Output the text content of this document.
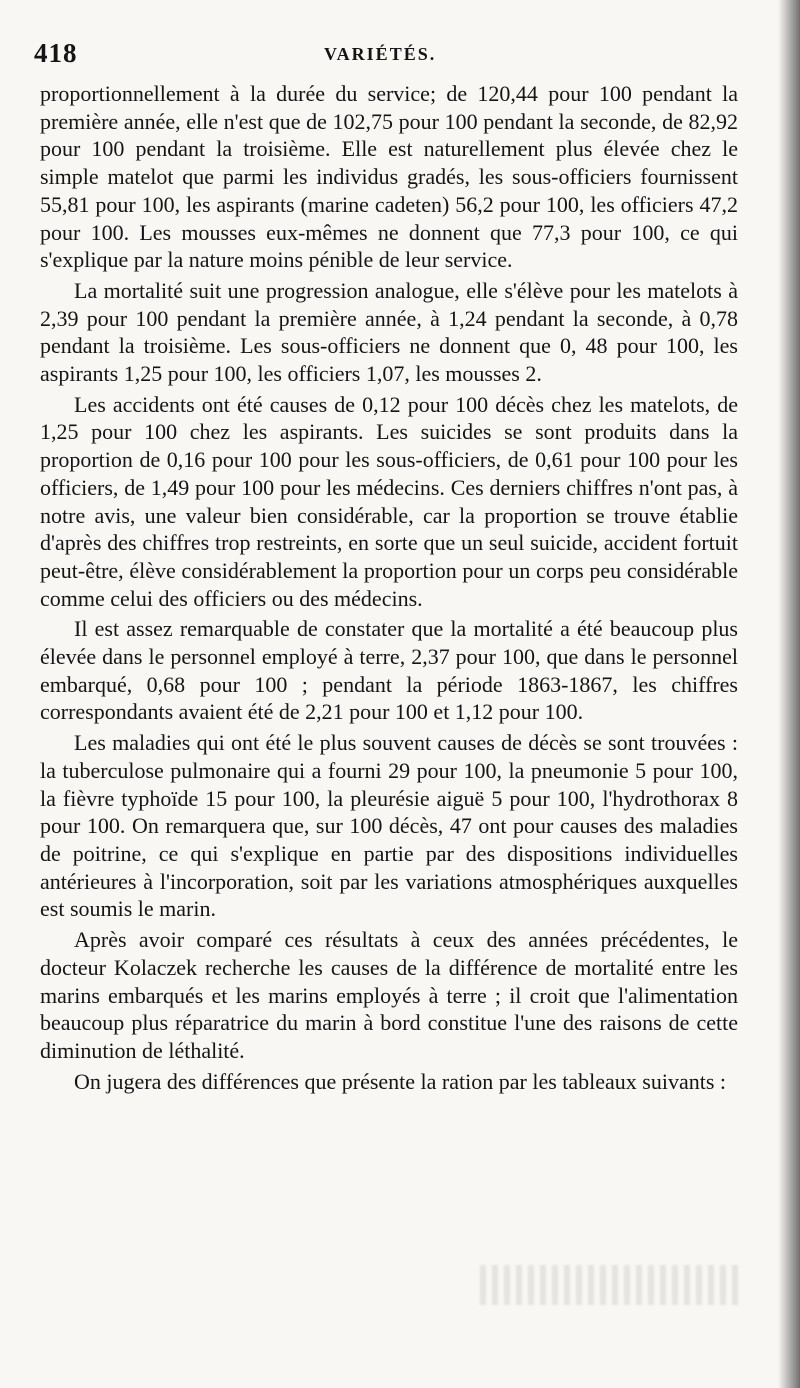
418	VARIÉTÉS.

proportionnellement à la durée du service; de 120,44 pour 100 pendant la première année, elle n'est que de 102,75 pour 100 pendant la seconde, de 82,92 pour 100 pendant la troisième. Elle est naturellement plus élevée chez le simple matelot que parmi les individus gradés, les sous-officiers fournissent 55,81 pour 100, les aspirants (marine cadeten) 56,2 pour 100, les officiers 47,2 pour 100. Les mousses eux-mêmes ne donnent que 77,3 pour 100, ce qui s'explique par la nature moins pénible de leur service.

La mortalité suit une progression analogue, elle s'élève pour les matelots à 2,39 pour 100 pendant la première année, à 1,24 pendant la seconde, à 0,78 pendant la troisième. Les sous-officiers ne donnent que 0, 48 pour 100, les aspirants 1,25 pour 100, les officiers 1,07, les mousses 2.

Les accidents ont été causes de 0,12 pour 100 décès chez les matelots, de 1,25 pour 100 chez les aspirants. Les suicides se sont produits dans la proportion de 0,16 pour 100 pour les sous-officiers, de 0,61 pour 100 pour les officiers, de 1,49 pour 100 pour les médecins. Ces derniers chiffres n'ont pas, à notre avis, une valeur bien considérable, car la proportion se trouve établie d'après des chiffres trop restreints, en sorte que un seul suicide, accident fortuit peut-être, élève considérablement la proportion pour un corps peu considérable comme celui des officiers ou des médecins.

Il est assez remarquable de constater que la mortalité a été beaucoup plus élevée dans le personnel employé à terre, 2,37 pour 100, que dans le personnel embarqué, 0,68 pour 100 ; pendant la période 1863-1867, les chiffres correspondants avaient été de 2,21 pour 100 et 1,12 pour 100.

Les maladies qui ont été le plus souvent causes de décès se sont trouvées : la tuberculose pulmonaire qui a fourni 29 pour 100, la pneumonie 5 pour 100, la fièvre typhoïde 15 pour 100, la pleurésie aiguë 5 pour 100, l'hydrothorax 8 pour 100. On remarquera que, sur 100 décès, 47 ont pour causes des maladies de poitrine, ce qui s'explique en partie par des dispositions individuelles antérieures à l'incorporation, soit par les variations atmosphériques auxquelles est soumis le marin.

Après avoir comparé ces résultats à ceux des années précédentes, le docteur Kolaczek recherche les causes de la différence de mortalité entre les marins embarqués et les marins employés à terre ; il croit que l'alimentation beaucoup plus réparatrice du marin à bord constitue l'une des raisons de cette diminution de léthalité.

On jugera des différences que présente la ration par les tableaux suivants :
